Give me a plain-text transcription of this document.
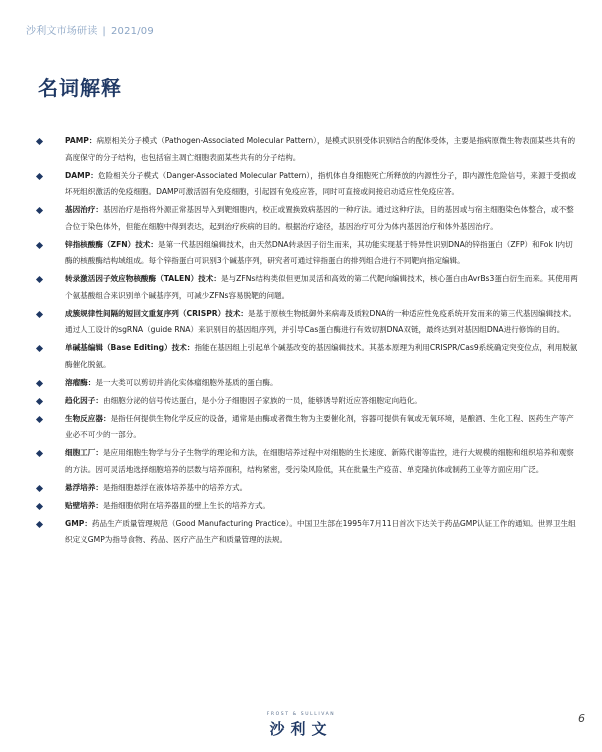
沙利文市场研读 | 2021/09
名词解释
PAMP：病原相关分子模式（Pathogen-Associated Molecular Pattern），是模式识别受体识别结合的配体受体，主要是指病原微生物表面某些共有的高度保守的分子结构，也包括宿主凋亡细胞表面某些共有的分子结构。
DAMP：危险相关分子模式（Danger-Associated Molecular Pattern），指机体自身细胞死亡所释放的内源性分子，即内源性危险信号，来源于受损或坏死组织激活的免疫细胞。DAMP可激活固有免疫细胞，引起固有免疫应答，同时可直接或间接启动适应性免疫应答。
基因治疗：基因治疗是指将外源正常基因导入到靶细胞内，校正或置换致病基因的一种疗法。通过这种疗法，目的基因或与宿主细胞染色体整合，或不整合位于染色体外，但能在细胞中得到表达，起到治疗疾病的目的。根据治疗途径，基因治疗可分为体内基因治疗和体外基因治疗。
锌指核酸酶（ZFN）技术：是第一代基因组编辑技术，由天然DNA转录因子衍生而来，其功能实现基于特异性识别DNA的锌指蛋白（ZFP）和Fok I内切酶的核酸酶结构域组成。每个锌指蛋白可识别3个碱基序列，研究者可通过锌指蛋白的排列组合进行不同靶向指定编辑。
转录激活因子效应物核酸酶（TALEN）技术：是与ZFNs结构类似但更加灵活和高效的第二代靶向编辑技术，核心蛋白由AvrBs3蛋白衍生而来。其使用两个氨基酸组合来识别单个碱基序列，可减少ZFNs容易脱靶的问题。
成簇规律性间隔的短回文重复序列（CRISPR）技术：是基于原核生物抵御外来病毒及质粒DNA的一种适应性免疫系统开发而来的第三代基因编辑技术。通过人工设计的sgRNA（guide RNA）来识别目的基因组序列，并引导Cas蛋白酶进行有效切割DNA双链，最终达到对基因组DNA进行修饰的目的。
单碱基编辑（Base Editing）技术：指能在基因组上引起单个碱基改变的基因编辑技术。其基本原理为利用CRISPR/Cas9系统确定突变位点，利用脱氨酶催化脱氨。
溶瘤酶：是一大类可以剪切并消化实体瘤细胞外基质的蛋白酶。
趋化因子：由细胞分泌的信号传达蛋白，是小分子细胞因子家族的一员，能够诱导附近应答细胞定向趋化。
生物反应器：是指任何提供生物化学反应的设备，通常是由酶或者微生物为主要催化剂，容器可提供有氧或无氧环境，是酿酒、生化工程、医药生产等产业必不可少的一部分。
细胞工厂：是应用细胞生物学与分子生物学的理论和方法，在细胞培养过程中对细胞的生长速度、新陈代谢等监控，进行大规模的细胞和组织培养和观察的方法。因可灵活地选择细胞培养的层数与培养面积，结构紧密，受污染风险低，其在批量生产疫苗、单克隆抗体或制药工业等方面应用广泛。
悬浮培养：是指细胞悬浮在液体培养基中的培养方式。
贴壁培养：是指细胞依附在培养器皿的壁上生长的培养方式。
GMP：药品生产质量管理规范（Good Manufacturing Practice）。中国卫生部在1995年7月11日首次下达关于药品GMP认证工作的通知。世界卫生组织定义GMP为指导食物、药品、医疗产品生产和质量管理的法规。
FROST & SULLIVAN
沙利文
6
